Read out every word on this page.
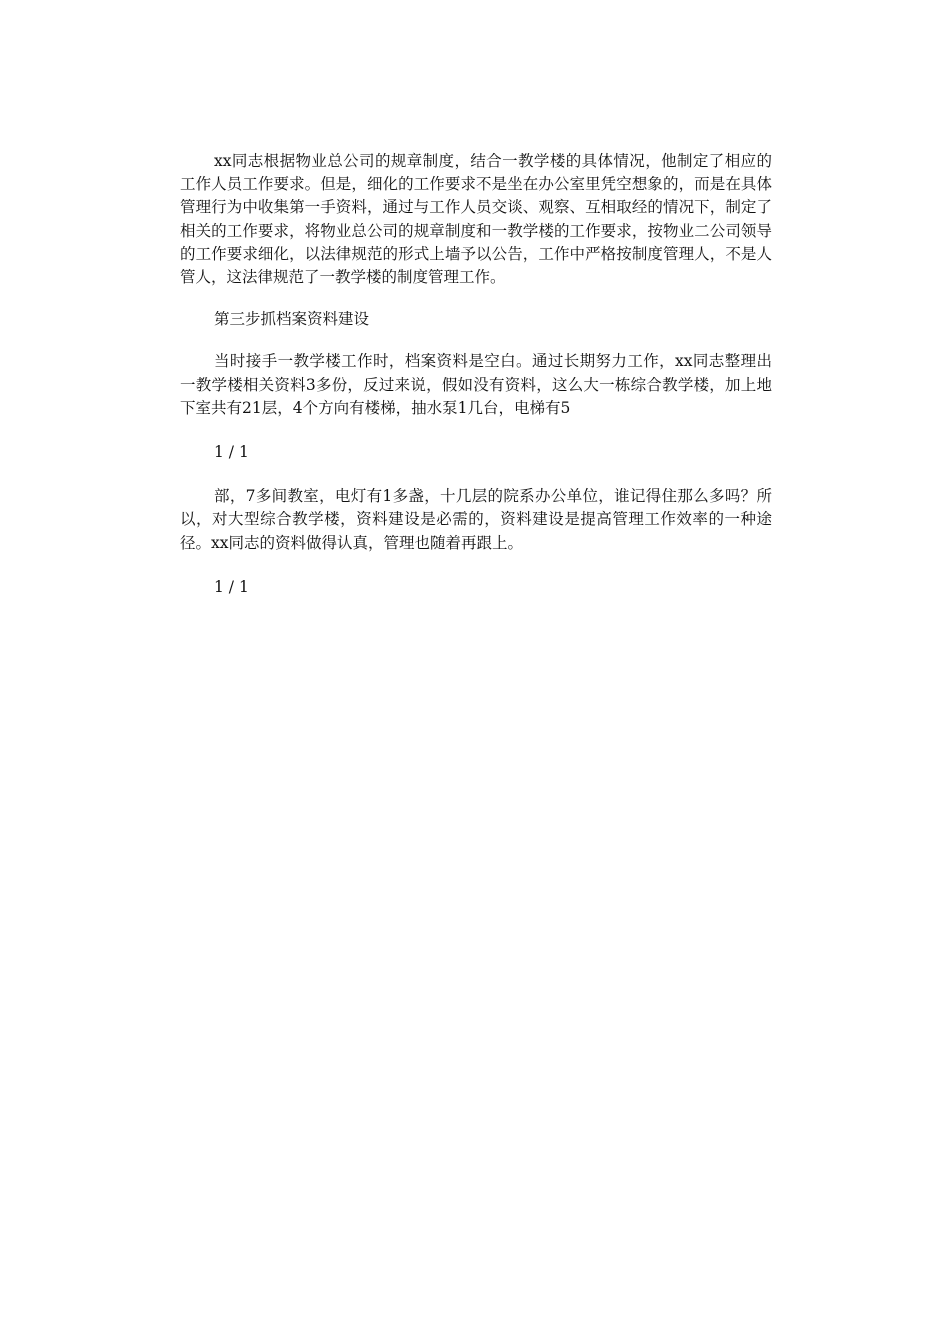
xx同志根据物业总公司的规章制度，结合一教学楼的具体情况，他制定了相应的工作人员工作要求。但是，细化的工作要求不是坐在办公室里凭空想象的，而是在具体管理行为中收集第一手资料，通过与工作人员交谈、观察、互相取经的情况下，制定了相关的工作要求，将物业总公司的规章制度和一教学楼的工作要求，按物业二公司领导的工作要求细化，以法律规范的形式上墙予以公告，工作中严格按制度管理人，不是人管人，这法律规范了一教学楼的制度管理工作。

第三步抓档案资料建设

当时接手一教学楼工作时，档案资料是空白。通过长期努力工作，xx同志整理出一教学楼相关资料3多份，反过来说，假如没有资料，这么大一栋综合教学楼，加上地下室共有21层，4个方向有楼梯，抽水泵1几台，电梯有5

1 / 1

部，7多间教室，电灯有1多盏，十几层的院系办公单位，谁记得住那么多吗？所以，对大型综合教学楼，资料建设是必需的，资料建设是提高管理工作效率的一种途径。xx同志的资料做得认真，管理也随着再跟上。

1 / 1
